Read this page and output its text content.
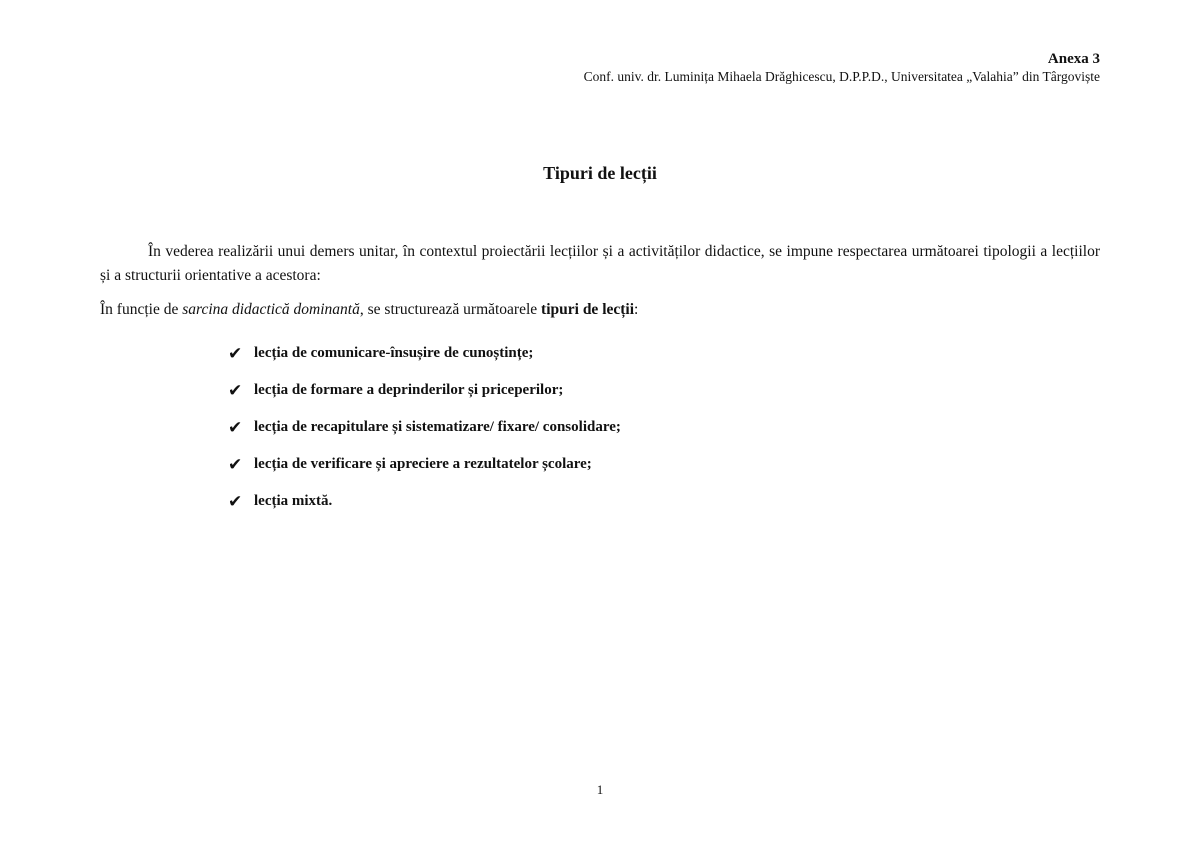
Anexa 3
Conf. univ. dr. Luminița Mihaela Drăghicescu, D.P.P.D., Universitatea „Valahia” din Târgoviște
Tipuri de lecții

În vederea realizării unui demers unitar, în contextul proiectării lecțiilor și a activităților didactice, se impune respectarea următoarei tipologii a lecțiilor și a structurii orientative a acestora:

În funcție de sarcina didactică dominantă, se structurează următoarele tipuri de lecții:

✔ lecția de comunicare-însușire de cunoștințe;
✔ lecția de formare a deprinderilor și priceperilor;
✔ lecția de recapitulare și sistematizare/ fixare/ consolidare;
✔ lecția de verificare și apreciere a rezultatelor școlare;
✔ lecția mixtă.
1
